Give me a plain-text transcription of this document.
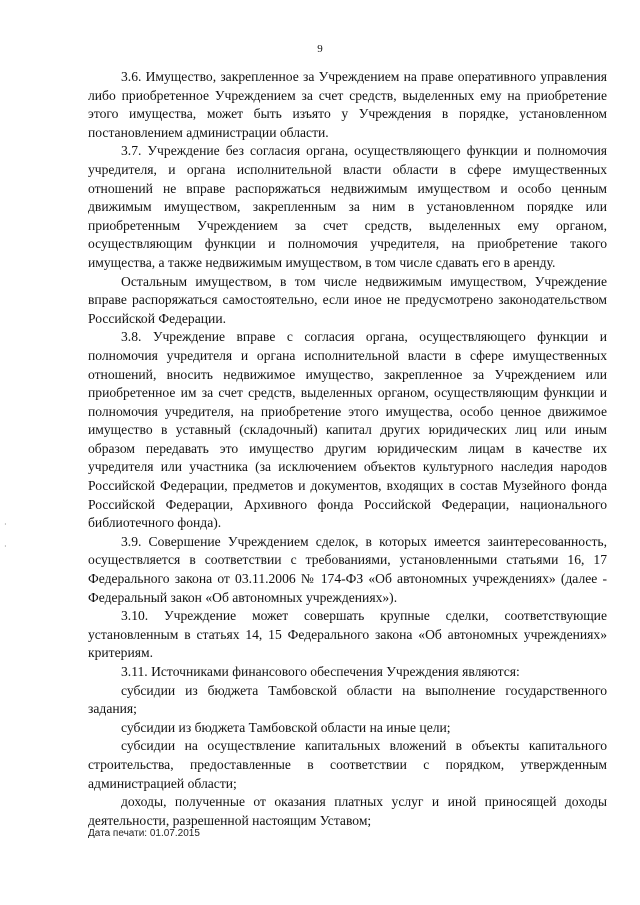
9

3.6. Имущество, закрепленное за Учреждением на праве оперативного управления либо приобретенное Учреждением за счет средств, выделенных ему на приобретение этого имущества, может быть изъято у Учреждения в порядке, установленном постановлением администрации области.

3.7. Учреждение без согласия органа, осуществляющего функции и полномочия учредителя, и органа исполнительной власти области в сфере имущественных отношений не вправе распоряжаться недвижимым имуществом и особо ценным движимым имуществом, закрепленным за ним в установленном порядке или приобретенным Учреждением за счет средств, выделенных ему органом, осуществляющим функции и полномочия учредителя, на приобретение такого имущества, а также недвижимым имуществом, в том числе сдавать его в аренду.

Остальным имуществом, в том числе недвижимым имуществом, Учреждение вправе распоряжаться самостоятельно, если иное не предусмотрено законодательством Российской Федерации.

3.8. Учреждение вправе с согласия органа, осуществляющего функции и полномочия учредителя и органа исполнительной власти в сфере имущественных отношений, вносить недвижимое имущество, закрепленное за Учреждением или приобретенное им за счет средств, выделенных органом, осуществляющим функции и полномочия учредителя, на приобретение этого имущества, особо ценное движимое имущество в уставный (складочный) капитал других юридических лиц или иным образом передавать это имущество другим юридическим лицам в качестве их учредителя или участника (за исключением объектов культурного наследия народов Российской Федерации, предметов и документов, входящих в состав Музейного фонда Российской Федерации, Архивного фонда Российской Федерации, национального библиотечного фонда).

3.9. Совершение Учреждением сделок, в которых имеется заинтересованность, осуществляется в соответствии с требованиями, установленными статьями 16, 17 Федерального закона от 03.11.2006 № 174-ФЗ «Об автономных учреждениях» (далее - Федеральный закон «Об автономных учреждениях»).

3.10. Учреждение может совершать крупные сделки, соответствующие установленным в статьях 14, 15 Федерального закона «Об автономных учреждениях» критериям.

3.11. Источниками финансового обеспечения Учреждения являются:

субсидии из бюджета Тамбовской области на выполнение государственного задания;

субсидии из бюджета Тамбовской области на иные цели;

субсидии на осуществление капитальных вложений в объекты капитального строительства, предоставленные в соответствии с порядком, утвержденным администрацией области;

доходы, полученные от оказания платных услуг и иной приносящей доходы деятельности, разрешенной настоящим Уставом;

Дата печати: 01.07.2015
·
·
